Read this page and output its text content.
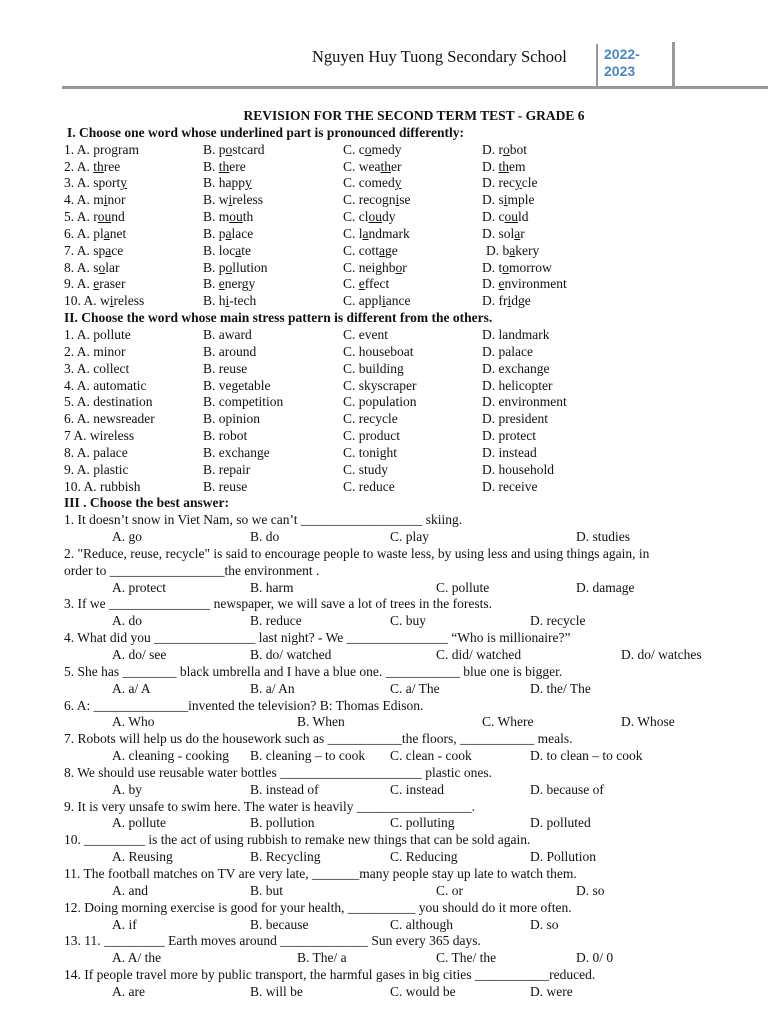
Nguyen Huy Tuong Secondary School	2022-
2023
REVISION FOR THE SECOND TERM TEST - GRADE 6
I. Choose one word whose underlined part is pronounced differently:
1. A. program	B. postcard	C. comedy	D. robot
2. A. three	B. there	C. weather	D. them
3. A. sporty	B. happy	C. comedy	D. recycle
4. A. minor	B. wireless	C. recognise	D. simple
5. A. round	B. mouth	C. cloudy	D. could
6. A. planet	B. palace	C. landmark	D. solar
7. A. space	B. locate	C. cottage	D. bakery
8. A. solar	B. pollution	C. neighbor	D. tomorrow
9. A. eraser	B. energy	C. effect	D. environment
10. A. wireless	B. hi-tech	C. appliance	D. fridge
II. Choose the word whose main stress pattern is different from the others.
1. A. pollute	B. award	C. event	D. landmark
2. A. minor	B. around	C. houseboat	D. palace
3. A. collect	B. reuse	C. building	D. exchange
4. A. automatic	B. vegetable	C. skyscraper	D. helicopter
5. A. destination	B. competition	C. population	D. environment
6. A. newsreader	B. opinion	C. recycle	D. president
7 A. wireless	B. robot	C. product	D. protect
8. A. palace	B. exchange	C. tonight	D. instead
9. A. plastic	B. repair	C. study	D. household
10. A. rubbish	B. reuse	C. reduce	D. receive
III . Choose the best answer:
1. It doesn’t snow in Viet Nam, so we can’t __________________ skiing.
A. go	B. do	C. play	D. studies
2. "Reduce, reuse, recycle" is said to encourage people to waste less, by using less and using things again, in
order to _________________the environment .
A. protect	B. harm	C. pollute	D. damage
3. If we _______________ newspaper, we will save a lot of trees in the forests.
A. do	B. reduce	C. buy	D. recycle
4. What did you _______________ last night? - We _______________ “Who is millionaire?”
A. do/ see	B. do/ watched	C. did/ watched	D. do/ watches
5. She has ________ black umbrella and I have a blue one. ___________ blue one is bigger.
A. a/ A	B. a/ An	C. a/ The	D. the/ The
6. A: ______________invented the television? B: Thomas Edison.
A. Who	B. When	C. Where	D. Whose
7. Robots will help us do the housework such as ___________the floors, ___________ meals.
A. cleaning - cooking B. cleaning – to cook C. clean - cook	D. to clean – to cook
8. We should use reusable water bottles _____________________ plastic ones.
A. by	B. instead of	C. instead	D. because of
9. It is very unsafe to swim here. The water is heavily _________________.
A. pollute	B. pollution	C. polluting	D. polluted
10. _________ is the act of using rubbish to remake new things that can be sold again.
A. Reusing	B. Recycling	C. Reducing	D. Pollution
11. The football matches on TV are very late, _______many people stay up late to watch them.
A. and	B. but	C. or	D. so
12. Doing morning exercise is good for your health, __________ you should do it more often.
A. if	B. because	C. although	D. so
13. 11. _________ Earth moves around _____________ Sun every 365 days.
A. A/ the	B. The/ a	C. The/ the	D. 0/ 0
14. If people travel more by public transport, the harmful gases in big cities ___________reduced.
A. are	B. will be	C. would be	D. were
